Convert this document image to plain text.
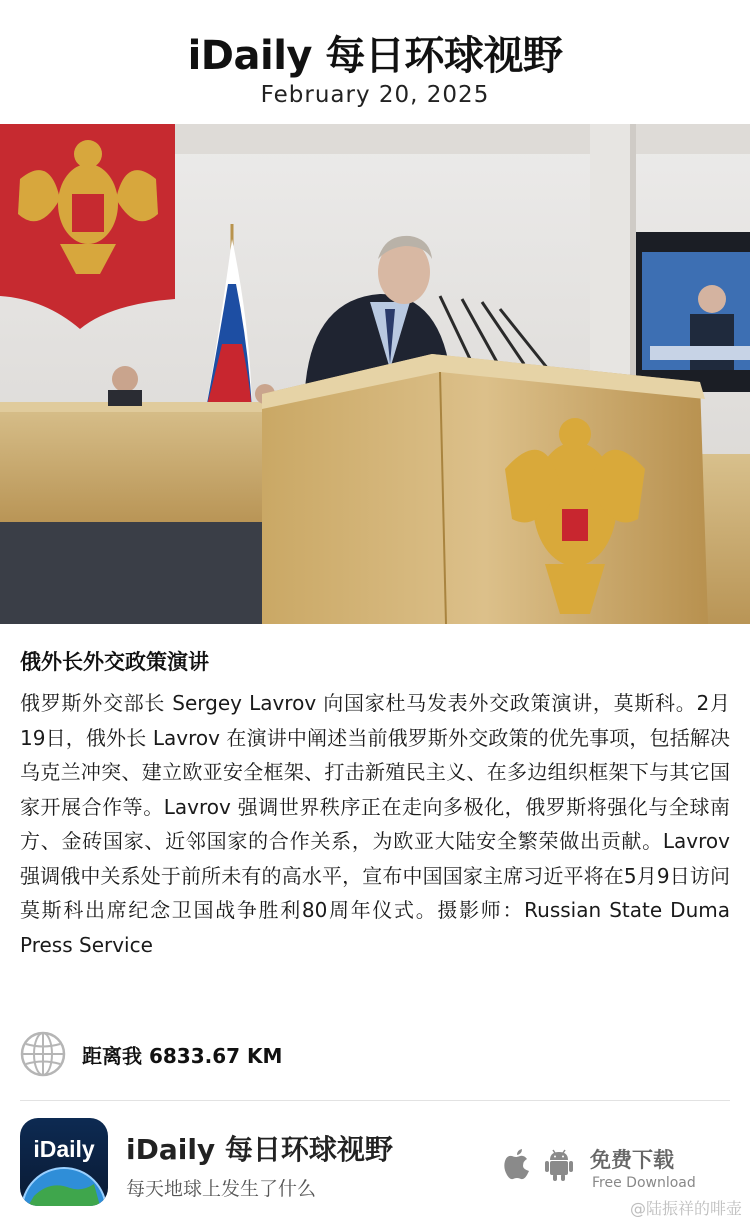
iDaily 每日环球视野
February 20, 2025
俄外长外交政策演讲
俄罗斯外交部长 Sergey Lavrov 向国家杜马发表外交政策演讲，莫斯科。2月19日，俄外长 Lavrov 在演讲中阐述当前俄罗斯外交政策的优先事项，包括解决乌克兰冲突、建立欧亚安全框架、打击新殖民主义、在多边组织框架下与其它国家开展合作等。Lavrov 强调世界秩序正在走向多极化，俄罗斯将强化与全球南方、金砖国家、近邻国家的合作关系，为欧亚大陆安全繁荣做出贡献。Lavrov 强调俄中关系处于前所未有的高水平，宣布中国国家主席习近平将在5月9日访问莫斯科出席纪念卫国战争胜利80周年仪式。摄影师：Russian State Duma Press Service
距离我 6833.67 KM
iDaily	iDaily 每日环球视野
每天地球上发生了什么
免费下载
Free Download
@陆振祥的啡壶
